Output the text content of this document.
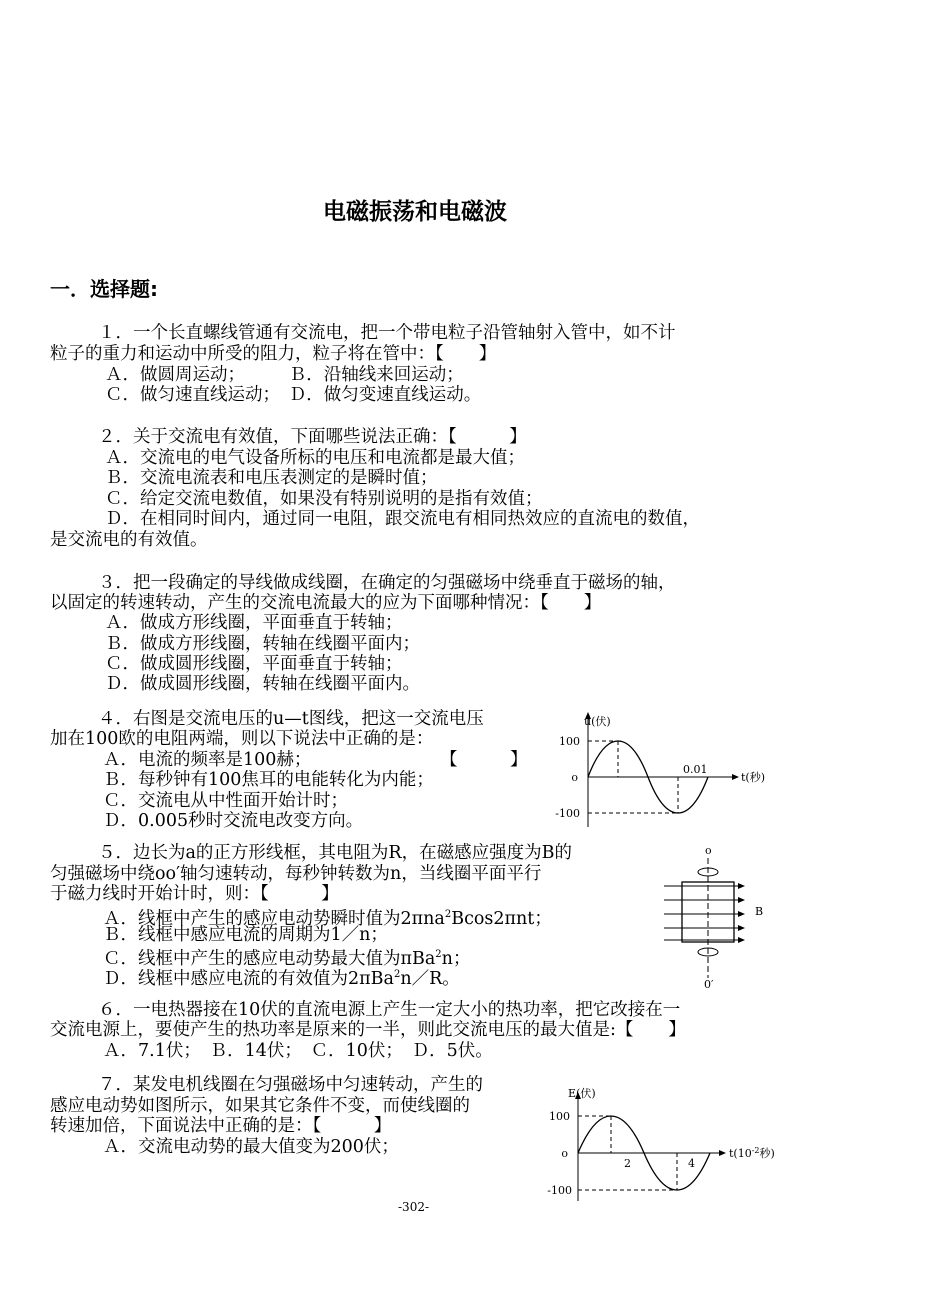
电磁振荡和电磁波
一．选择题:
１．一个长直螺线管通有交流电，把一个带电粒子沿管轴射入管中，如不计
粒子的重力和运动中所受的阻力，粒子将在管中：【　　】
Ａ．做圆周运动；　　　Ｂ．沿轴线来回运动；
Ｃ．做匀速直线运动；　Ｄ．做匀变速直线运动。
２．关于交流电有效值，下面哪些说法正确：【　　　】
Ａ．交流电的电气设备所标的电压和电流都是最大值；
Ｂ．交流电流表和电压表测定的是瞬时值；
Ｃ．给定交流电数值，如果没有特别说明的是指有效值；
Ｄ．在相同时间内，通过同一电阻，跟交流电有相同热效应的直流电的数值，
是交流电的有效值。
３．把一段确定的导线做成线圈，在确定的匀强磁场中绕垂直于磁场的轴，
以固定的转速转动，产生的交流电流最大的应为下面哪种情况：【　　】
Ａ．做成方形线圈，平面垂直于转轴；
Ｂ．做成方形线圈，转轴在线圈平面内；
Ｃ．做成圆形线圈，平面垂直于转轴；
Ｄ．做成圆形线圈，转轴在线圈平面内。
４．右图是交流电压的u—t图线，把这一交流电压
加在100欧的电阻两端，则以下说法中正确的是：
Ａ．电流的频率是100赫；	【　　　】
Ｂ．每秒钟有100焦耳的电能转化为内能；
Ｃ．交流电从中性面开始计时；
Ｄ．0.005秒时交流电改变方向。
u(伏)
100
o
-100
0.01
t(秒)
５．边长为a的正方形线框，其电阻为R，在磁感应强度为B的
匀强磁场中绕oo′轴匀速转动，每秒钟转数为n，当线圈平面平行
于磁力线时开始计时，则：【　　　】
Ａ．线框中产生的感应电动势瞬时值为2πna$^2$Bcos2πnt；
Ｂ．线框中感应电流的周期为1／n；
Ｃ．线框中产生的感应电动势最大值为πBa$^2$n；
Ｄ．线框中感应电流的有效值为2πBa$^2$n／R。
o
B
0′
６．一电热器接在10伏的直流电源上产生一定大小的热功率，把它改接在一
交流电源上，要使产生的热功率是原来的一半，则此交流电压的最大值是:【　　】
Ａ．7.1伏；　Ｂ．14伏；　Ｃ．10伏；　Ｄ．5伏。
７．某发电机线圈在匀强磁场中匀速转动，产生的
感应电动势如图所示，如果其它条件不变，而使线圈的
转速加倍，下面说法中正确的是：【　　　】
Ａ．交流电动势的最大值变为200伏；
E(伏)
100
o
-100
2	4
$t(10^{-2}$秒)
-302-
